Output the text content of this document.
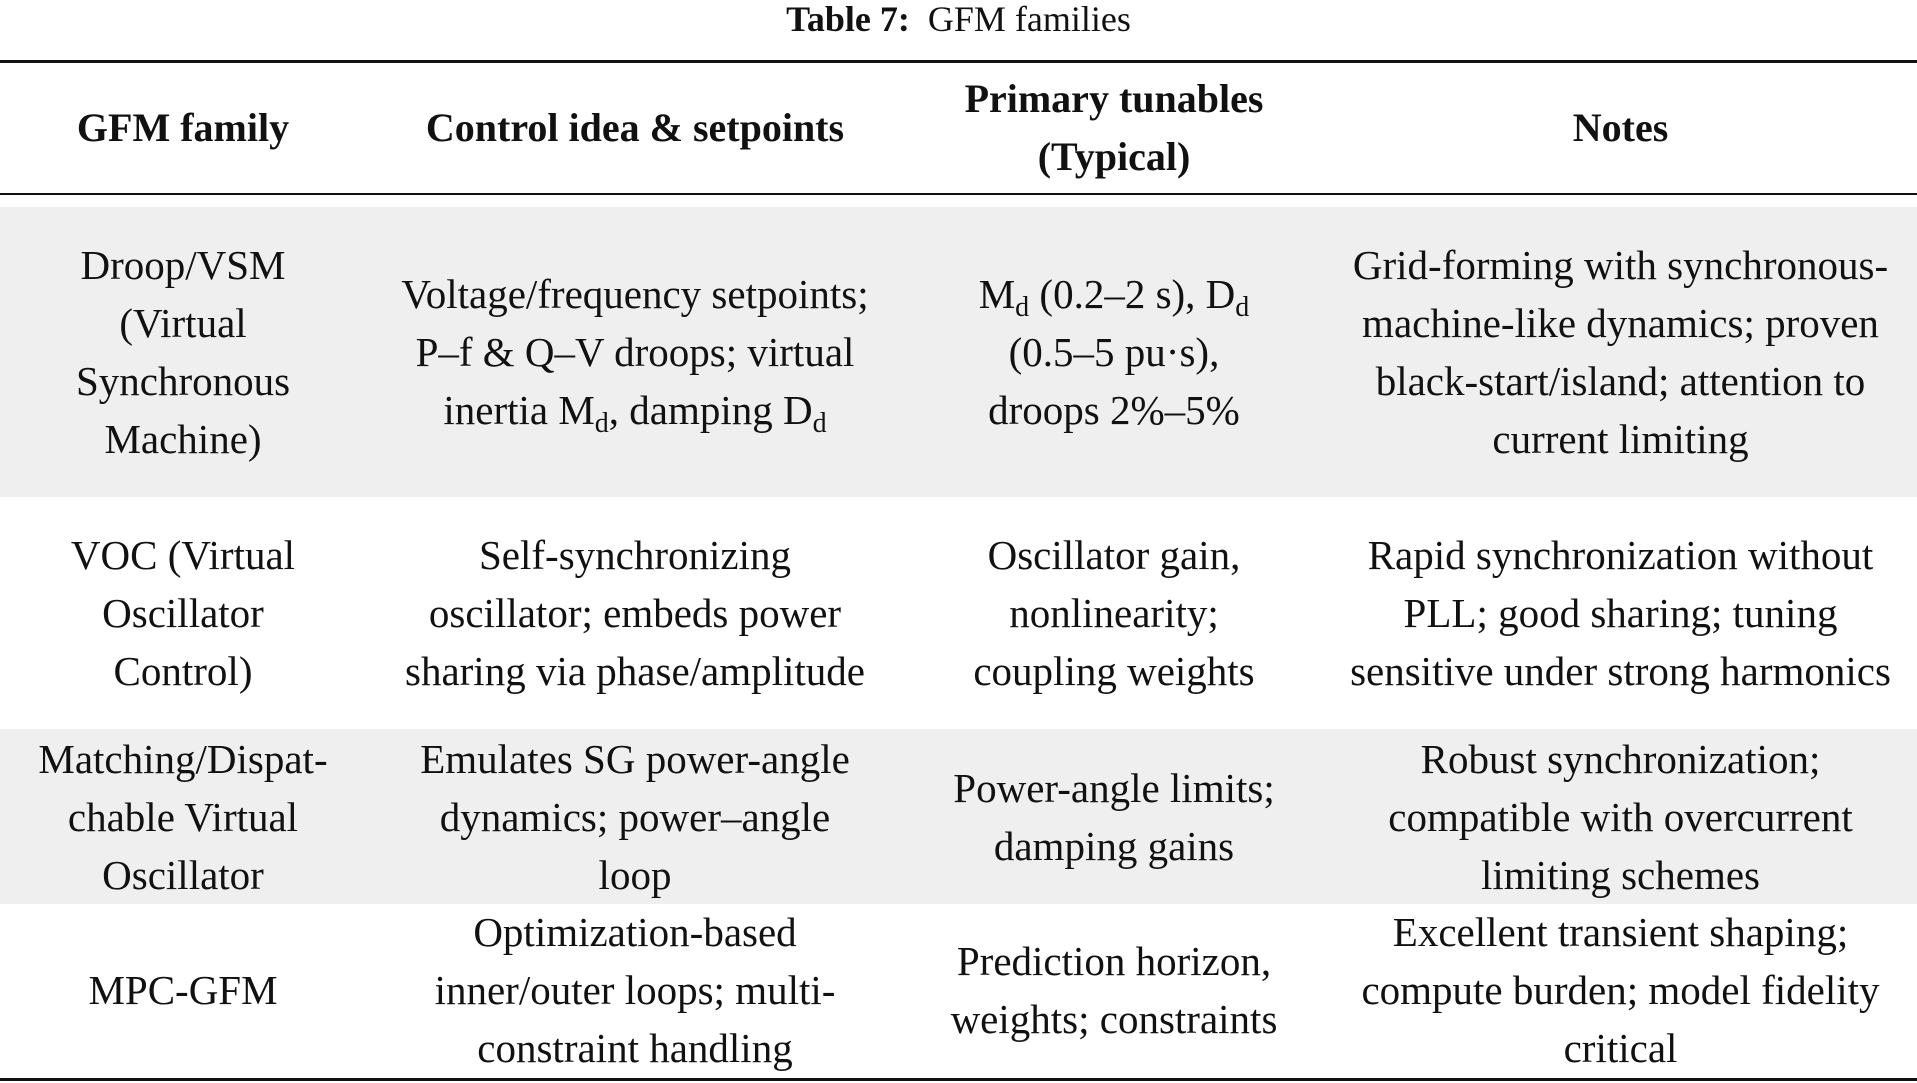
Table 7: GFM families
GFM family	Control idea & setpoints
Primary tunables
(Typical)
Notes
Droop/VSM (Virtual Synchronous Machine)
Voltage/frequency setpoints; P–f & Q–V droops; virtual inertia $M_d$, damping $D_d$
$M_d$ (0.2–2 s), $D_d$ (0.5–5 pu·s), droops 2%–5%
Grid-forming with synchronous-machine-like dynamics; proven black-start/island; attention to current limiting
VOC (Virtual Oscillator Control)
Self-synchronizing oscillator; embeds power sharing via phase/amplitude
Oscillator gain, nonlinearity; coupling weights
Rapid synchronization without PLL; good sharing; tuning sensitive under strong harmonics
Matching/Dispat-chable Virtual Oscillator
Emulates SG power-angle dynamics; power–angle loop
Power-angle limits; damping gains
Robust synchronization; compatible with overcurrent limiting schemes
MPC-GFM
Optimization-based inner/outer loops; multi-constraint handling
Prediction horizon, weights; constraints
Excellent transient shaping; compute burden; model fidelity critical
